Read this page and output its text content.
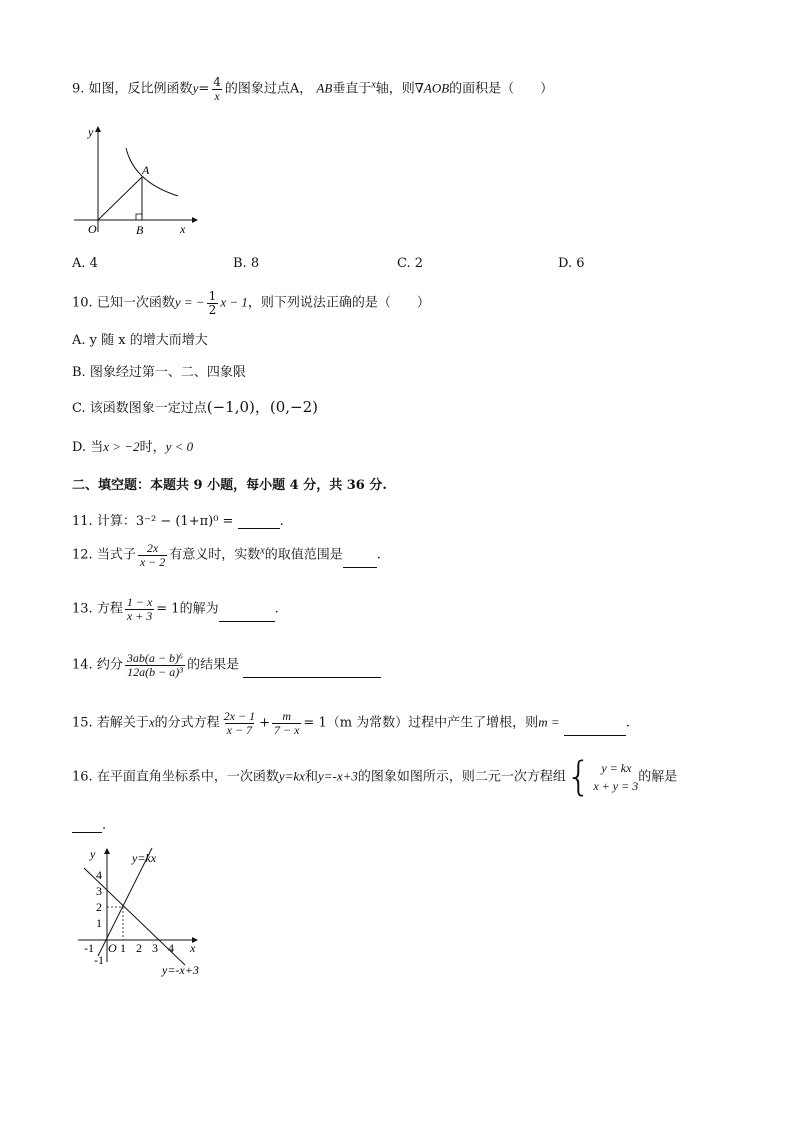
9. 如图，反比例函数$y= \frac{4}{x}$ 的图象过点A， AB垂直于$^x$轴，则∇AOB的面积是（　　）
y
x
O
A
B
A. 4	B. 8	C. 2	D. 6
10. 已知一次函数y = − $\frac{1}{2}$ x − 1，则下列说法正确的是（　　）
A. y 随 x 的增大而增大
B. 图象经过第一、二、四象限
C. 该函数图象一定过点(−1,0)，(0,−2)
D. 当x > −2时，y < 0
二、填空题：本题共 9 小题，每小题 4 分，共 36 分.
11. 计算：3⁻² − (1+π)⁰ =	.
12. 当式子 $\frac{2x}{x - 2}$ 有意义时，实数$^x$的取值范围是	.
13. 方程 $\frac{1 - x}{x + 3} = 1$的解为	.
14. 约分 $\frac{\text{3ab(a − b)⁶}}{\text{12a(b − a)³}}$ 的结果是
15. 若解关于x的分式方程 $\frac{2x - 1}{x - 7} + \frac{m}{7 - x} = 1(m$ 为常数）过程中产生了增根，则m =	.
16. 在平面直角坐标系中，一次函数y=kx和y=-x+3的图象如图所示，则二元一次方程组{ y = kx
x + y = 3
的解是
.
-1 1 2 3 4
4
3
2
1
-1
O
y
x
y=kx
y=-x+3
